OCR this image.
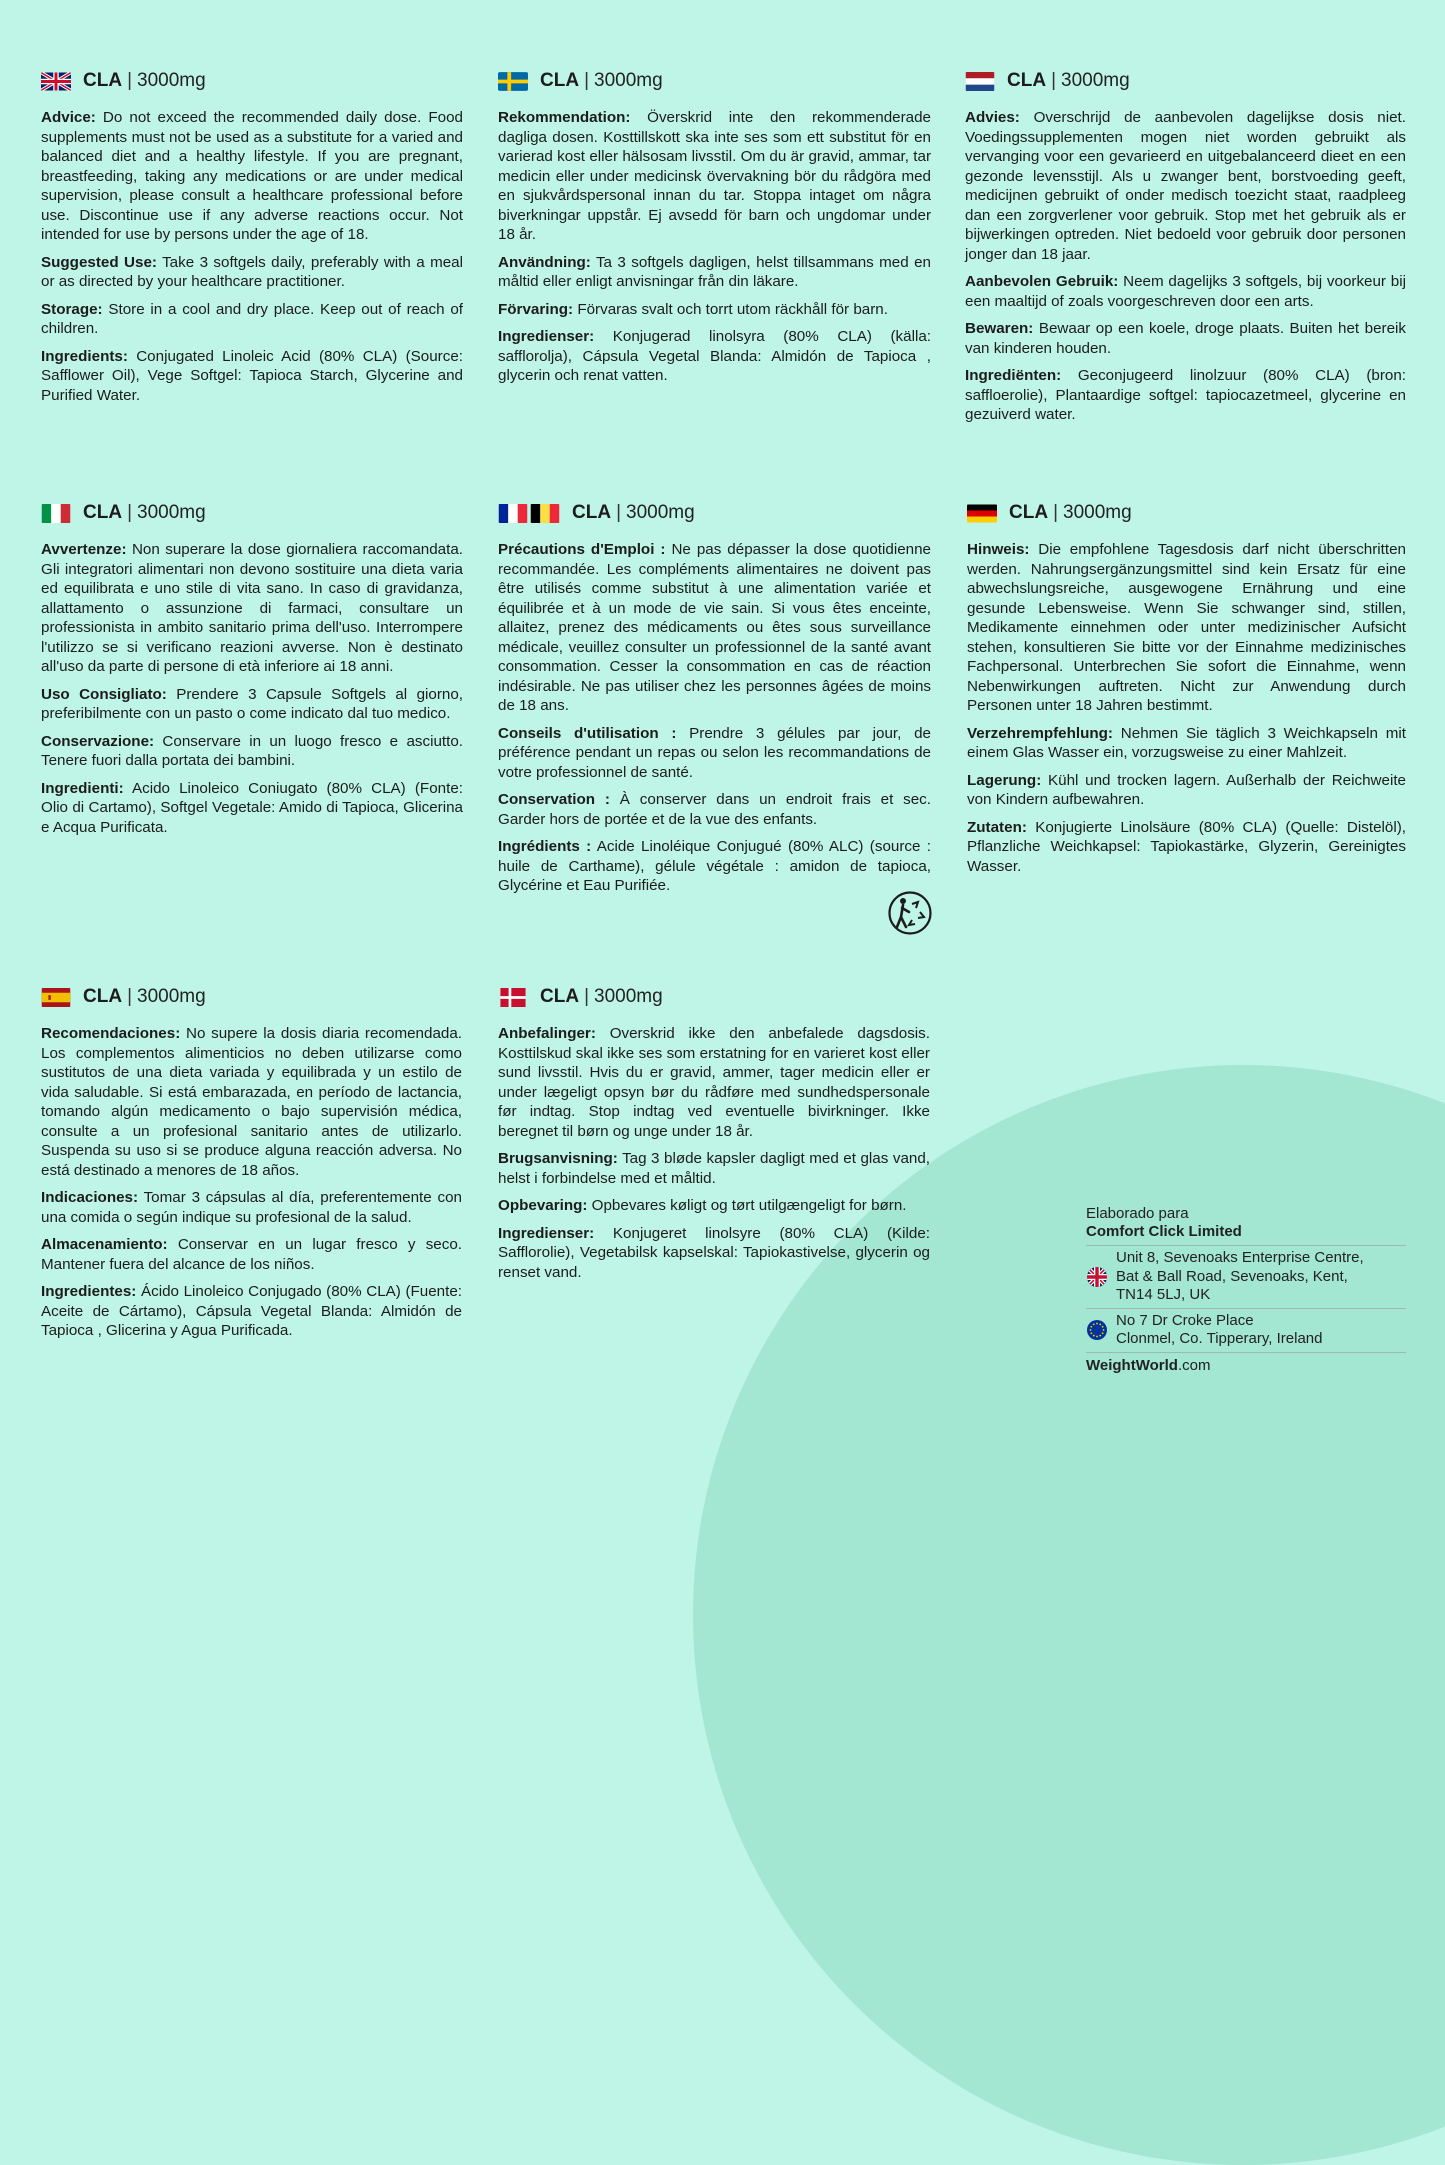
CLA | 3000mg

Advice: Do not exceed the recommended daily dose. Food supplements must not be used as a substitute for a varied and balanced diet and a healthy lifestyle. If you are pregnant, breastfeeding, taking any medications or are under medical supervision, please consult a healthcare professional before use. Discontinue use if any adverse reactions occur. Not intended for use by persons under the age of 18.

Suggested Use: Take 3 softgels daily, preferably with a meal or as directed by your healthcare practitioner.

Storage: Store in a cool and dry place. Keep out of reach of children.

Ingredients: Conjugated Linoleic Acid (80% CLA) (Source: Safflower Oil), Vege Softgel: Tapioca Starch, Glycerine and Purified Water.

CLA | 3000mg

Rekommendation: Överskrid inte den rekommenderade dagliga dosen. Kosttillskott ska inte ses som ett substitut för en varierad kost eller hälsosam livsstil. Om du är gravid, ammar, tar medicin eller under medicinsk övervakning bör du rådgöra med en sjukvårdspersonal innan du tar. Stoppa intaget om några biverkningar uppstår. Ej avsedd för barn och ungdomar under 18 år.

Användning: Ta 3 softgels dagligen, helst tillsammans med en måltid eller enligt anvisningar från din läkare.

Förvaring: Förvaras svalt och torrt utom räckhåll för barn.

Ingredienser: Konjugerad linolsyra (80% CLA) (källa: safflorolja), Cápsula Vegetal Blanda: Almidón de Tapioca , glycerin och renat vatten.

CLA | 3000mg

Advies: Overschrijd de aanbevolen dagelijkse dosis niet. Voedingssupplementen mogen niet worden gebruikt als vervanging voor een gevarieerd en uitgebalanceerd dieet en een gezonde levensstijl. Als u zwanger bent, borstvoeding geeft, medicijnen gebruikt of onder medisch toezicht staat, raadpleeg dan een zorgverlener voor gebruik. Stop met het gebruik als er bijwerkingen optreden. Niet bedoeld voor gebruik door personen jonger dan 18 jaar.

Aanbevolen Gebruik: Neem dagelijks 3 softgels, bij voorkeur bij een maaltijd of zoals voorgeschreven door een arts.

Bewaren: Bewaar op een koele, droge plaats. Buiten het bereik van kinderen houden.

Ingrediënten: Geconjugeerd linolzuur (80% CLA) (bron: saffloerolie), Plantaardige softgel: tapiocazetmeel, glycerine en gezuiverd water.

CLA | 3000mg

Avvertenze: Non superare la dose giornaliera raccomandata. Gli integratori alimentari non devono sostituire una dieta varia ed equilibrata e uno stile di vita sano. In caso di gravidanza, allattamento o assunzione di farmaci, consultare un professionista in ambito sanitario prima dell'uso. Interrompere l'utilizzo se si verificano reazioni avverse. Non è destinato all'uso da parte di persone di età inferiore ai 18 anni.

Uso Consigliato: Prendere 3 Capsule Softgels al giorno, preferibilmente con un pasto o come indicato dal tuo medico.

Conservazione: Conservare in un luogo fresco e asciutto. Tenere fuori dalla portata dei bambini.

Ingredienti: Acido Linoleico Coniugato (80% CLA) (Fonte: Olio di Cartamo), Softgel Vegetale: Amido di Tapioca, Glicerina e Acqua Purificata.

CLA | 3000mg

Précautions d'Emploi : Ne pas dépasser la dose quotidienne recommandée. Les compléments alimentaires ne doivent pas être utilisés comme substitut à une alimentation variée et équilibrée et à un mode de vie sain. Si vous êtes enceinte, allaitez, prenez des médicaments ou êtes sous surveillance médicale, veuillez consulter un professionnel de la santé avant consommation. Cesser la consommation en cas de réaction indésirable. Ne pas utiliser chez les personnes âgées de moins de 18 ans.

Conseils d'utilisation : Prendre 3 gélules par jour, de préférence pendant un repas ou selon les recommandations de votre professionnel de santé.

Conservation : À conserver dans un endroit frais et sec. Garder hors de portée et de la vue des enfants.

Ingrédients : Acide Linoléique Conjugué (80% ALC) (source : huile de Carthame), gélule végétale : amidon de tapioca, Glycérine et Eau Purifiée.

CLA | 3000mg

Hinweis: Die empfohlene Tagesdosis darf nicht überschritten werden. Nahrungsergänzungsmittel sind kein Ersatz für eine abwechslungsreiche, ausgewogene Ernährung und eine gesunde Lebensweise. Wenn Sie schwanger sind, stillen, Medikamente einnehmen oder unter medizinischer Aufsicht stehen, konsultieren Sie bitte vor der Einnahme medizinisches Fachpersonal. Unterbrechen Sie sofort die Einnahme, wenn Nebenwirkungen auftreten. Nicht zur Anwendung durch Personen unter 18 Jahren bestimmt.

Verzehrempfehlung: Nehmen Sie täglich 3 Weichkapseln mit einem Glas Wasser ein, vorzugsweise zu einer Mahlzeit.

Lagerung: Kühl und trocken lagern. Außerhalb der Reichweite von Kindern aufbewahren.

Zutaten: Konjugierte Linolsäure (80% CLA) (Quelle: Distelöl), Pflanzliche Weichkapsel: Tapiokastärke, Glyzerin, Gereinigtes Wasser.

CLA | 3000mg

Recomendaciones: No supere la dosis diaria recomendada. Los complementos alimenticios no deben utilizarse como sustitutos de una dieta variada y equilibrada y un estilo de vida saludable. Si está embarazada, en período de lactancia, tomando algún medicamento o bajo supervisión médica, consulte a un profesional sanitario antes de utilizarlo. Suspenda su uso si se produce alguna reacción adversa. No está destinado a menores de 18 años.

Indicaciones: Tomar 3 cápsulas al día, preferentemente con una comida o según indique su profesional de la salud.

Almacenamiento: Conservar en un lugar fresco y seco. Mantener fuera del alcance de los niños.

Ingredientes: Ácido Linoleico Conjugado (80% CLA) (Fuente: Aceite de Cártamo), Cápsula Vegetal Blanda: Almidón de Tapioca , Glicerina y Agua Purificada.

CLA | 3000mg

Anbefalinger: Overskrid ikke den anbefalede dagsdosis. Kosttilskud skal ikke ses som erstatning for en varieret kost eller sund livsstil. Hvis du er gravid, ammer, tager medicin eller er under lægeligt opsyn bør du rådføre med sundhedspersonale før indtag. Stop indtag ved eventuelle bivirkninger. Ikke beregnet til børn og unge under 18 år.

Brugsanvisning: Tag 3 bløde kapsler dagligt med et glas vand, helst i forbindelse med et måltid.

Opbevaring: Opbevares køligt og tørt utilgængeligt for børn.

Ingredienser: Konjugeret linolsyre (80% CLA) (Kilde: Safflorolie), Vegetabilsk kapselskal: Tapiokastivelse, glycerin og renset vand.

Elaborado para
Comfort Click Limited
Unit 8, Sevenoaks Enterprise Centre,
Bat & Ball Road, Sevenoaks, Kent,
TN14 5LJ, UK
No 7 Dr Croke Place
Clonmel, Co. Tipperary, Ireland
WeightWorld.com
